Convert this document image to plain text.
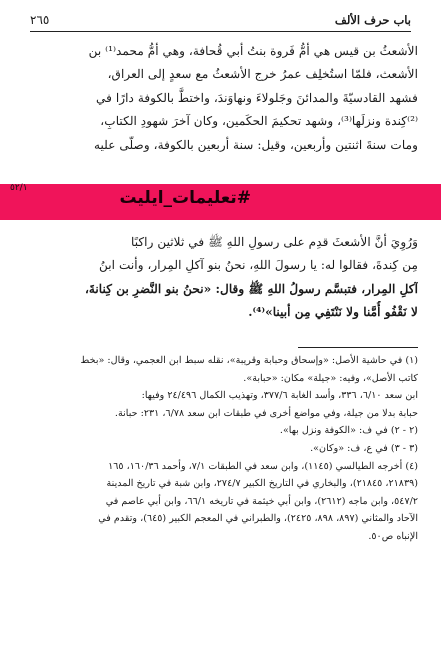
باب حرف الألف
٢٦٥
الأشعثُ بن قيس هي أمُّ فَروة بنتُ أبي قُحافة، وهي أمُّ محمد⁽¹⁾ بن
الأشعث، فلمّا استُخلِف عمرُ خرج الأشعثُ مع سعدٍ إلى العراق،
فشهد القادسيّةَ والمدائنَ وجَلولاءَ ونهاوَندَ، واختطَّ بالكوفة دارًا في
⁽²⁾كِندة ونزلَها⁽³⁾، وشهد تحكيمَ الحكَمين، وكان آخرَ شهودِ الكتابِ،
ومات سنةَ اثنتين وأربعين، وقيل: سنة أربعين بالكوفة، وصلّى عليه
#تعليمات_ايليت
٥٢/١
وَرُوِيَ أنَّ الأشعثَ قدِم على رسولِ اللهِ ﷺ في ثلاثين راكبًا
مِن كِندةَ، فقالوا له: يا رسولَ اللهِ، نحنُ بنو آكلِ المِرار، وأنت ابنُ
آكلِ المِرار، فتبسَّم رسولُ اللهِ ﷺ وقال: «نحنُ بنو النَّضرِ بن كِنانةَ،
لا نَقْفُو أُمَّنا ولا نَنْتَفِي مِن أبينا»⁽⁴⁾.
(١) في حاشية الأصل: «وإسحاق وحبابة وقريبة»، نقله سبط ابن العجمي، وقال: «بخط
كاتب الأصل»، وفيه: «جيلة» مكان: «حبابة».
ابن سعد ٦/١٠، ٣٣٦، وأسد الغابة ٣٧٧/٦، وتهذيب الكمال ٢٤/٤٩٦ وفيها:
حبابة بدلا من جيلة، وفي مواضع أخرى في طبقات ابن سعد ٦/٧٨، ٢٣١: حبانة.
(٢ - ٢) في ف: «الكوفة ونزل بها».
(٣ - ٣) في ع، ف: «وكان».
(٤) أخرجه الطيالسي (١١٤٥)، وابن سعد في الطبقات ٧/١، وأحمد ١٦٠/٣٦، ١٦٥
(٢١٨٣٩، ٢١٨٤٥)، والبخاري في التاريخ الكبير ٢٧٤/٧، وابن شبة في تاريخ المدينة
٥٤٧/٢، وابن ماجه (٢٦١٢)، وابن أبي خيثمة في تاريخه ٦٦/١، وابن أبي عاصم في
الآحاد والمثاني (٨٩٧، ٨٩٨، ٢٤٢٥)، والطبراني في المعجم الكبير (٦٤٥)، وتقدم في
الإنباه ص٥٠.
